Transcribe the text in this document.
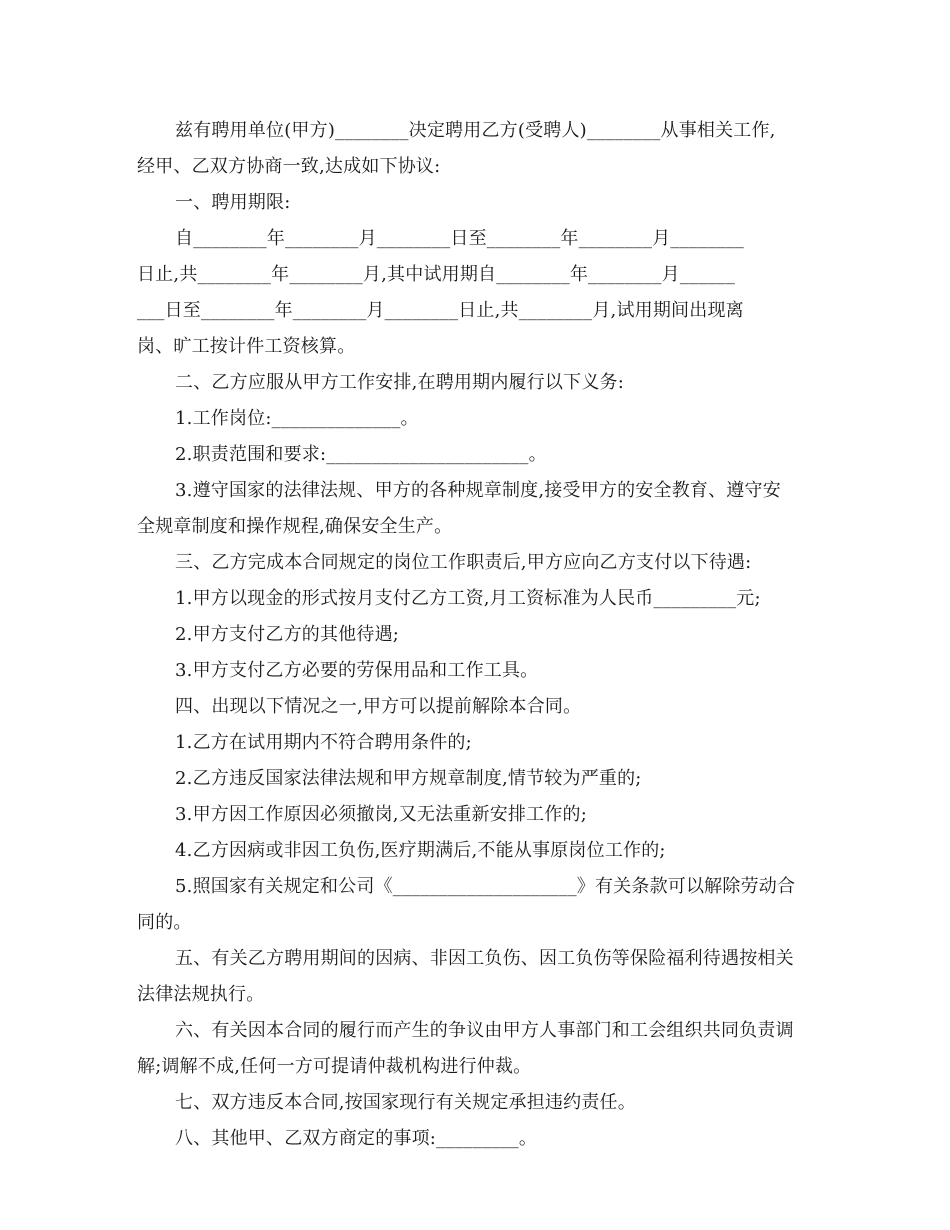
兹有聘用单位(甲方)________决定聘用乙方(受聘人)________从事相关工作,
经甲、乙双方协商一致,达成如下协议:
一、聘用期限:
自________年________月________日至________年________月________
日止,共________年________月,其中试用期自________年________月______
___日至________年________月________日止,共________月,试用期间出现离
岗、旷工按计件工资核算。
二、乙方应服从甲方工作安排,在聘用期内履行以下义务:
1.工作岗位:______________。
2.职责范围和要求:______________________。
3.遵守国家的法律法规、甲方的各种规章制度,接受甲方的安全教育、遵守安
全规章制度和操作规程,确保安全生产。
三、乙方完成本合同规定的岗位工作职责后,甲方应向乙方支付以下待遇:
1.甲方以现金的形式按月支付乙方工资,月工资标准为人民币_________元;
2.甲方支付乙方的其他待遇;
3.甲方支付乙方必要的劳保用品和工作工具。
四、出现以下情况之一,甲方可以提前解除本合同。
1.乙方在试用期内不符合聘用条件的;
2.乙方违反国家法律法规和甲方规章制度,情节较为严重的;
3.甲方因工作原因必须撤岗,又无法重新安排工作的;
4.乙方因病或非因工负伤,医疗期满后,不能从事原岗位工作的;
5.照国家有关规定和公司《____________________》有关条款可以解除劳动合
同的。
五、有关乙方聘用期间的因病、非因工负伤、因工负伤等保险福利待遇按相关
法律法规执行。
六、有关因本合同的履行而产生的争议由甲方人事部门和工会组织共同负责调
解;调解不成,任何一方可提请仲裁机构进行仲裁。
七、双方违反本合同,按国家现行有关规定承担违约责任。
八、其他甲、乙双方商定的事项:_________。
